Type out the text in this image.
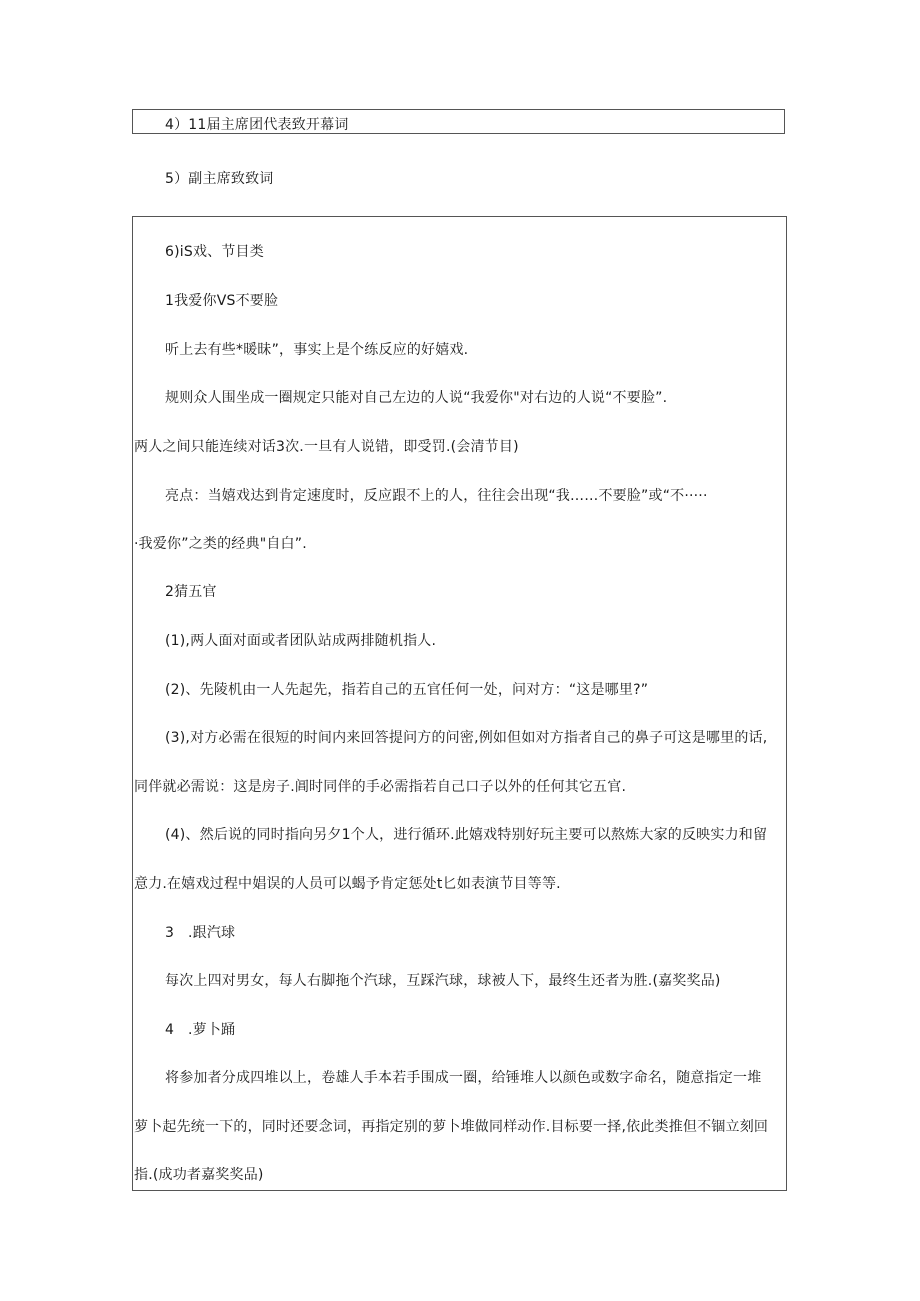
4）11届主席团代表致开幕词
5）副主席致致词
6)iS戏、节目类
1我爱你VS不要脸
听上去有些*暖昧”，事实上是个练反应的好嬉戏.
规则众人围坐成一圈规定只能对自己左边的人说“我爱你"对右边的人说“不要脸”.
两人之间只能连续对话3次.一旦有人说错，即受罚.(会清节目)
亮点：当嬉戏达到肯定速度时，反应跟不上的人，往往会出现“我……不要脸”或“不·····
·我爱你”之类的经典"自白”.
2猜五官
(1),两人面对面或者团队站成两排随机指人.
(2)、先陵机由一人先起先，指若自己的五官任何一处，问对方：“这是哪里?”
(3),对方必需在很短的时间内来回答提问方的问密,例如但如对方指者自己的鼻子可这是哪里的话,
同伴就必需说：这是房子.阊时同伴的手必需指若自己口子以外的任何其它五官.
(4)、然后说的同时指向另夕1个人，进行循环.此嬉戏特别好玩主要可以熬炼大家的反映实力和留
意力.在嬉戏过程中娼误的人员可以蝎予肯定惩处t匕如表演节目等等.
3 .跟汽球
每次上四对男女，每人右脚拖个汽球，互踩汽球，球被人下，最终生还者为胜.(嘉奖奖品)
4 .萝卜踊
将参加者分成四堆以上，卷雄人手本若手围成一圈，给锤堆人以颜色或数字命名，随意指定一堆
萝卜起先统一下的，同时还要念词，再指定别的萝卜堆做同样动作.目标要一择,依此类推但不锢立刻回
指.(成功者嘉奖奖品)
